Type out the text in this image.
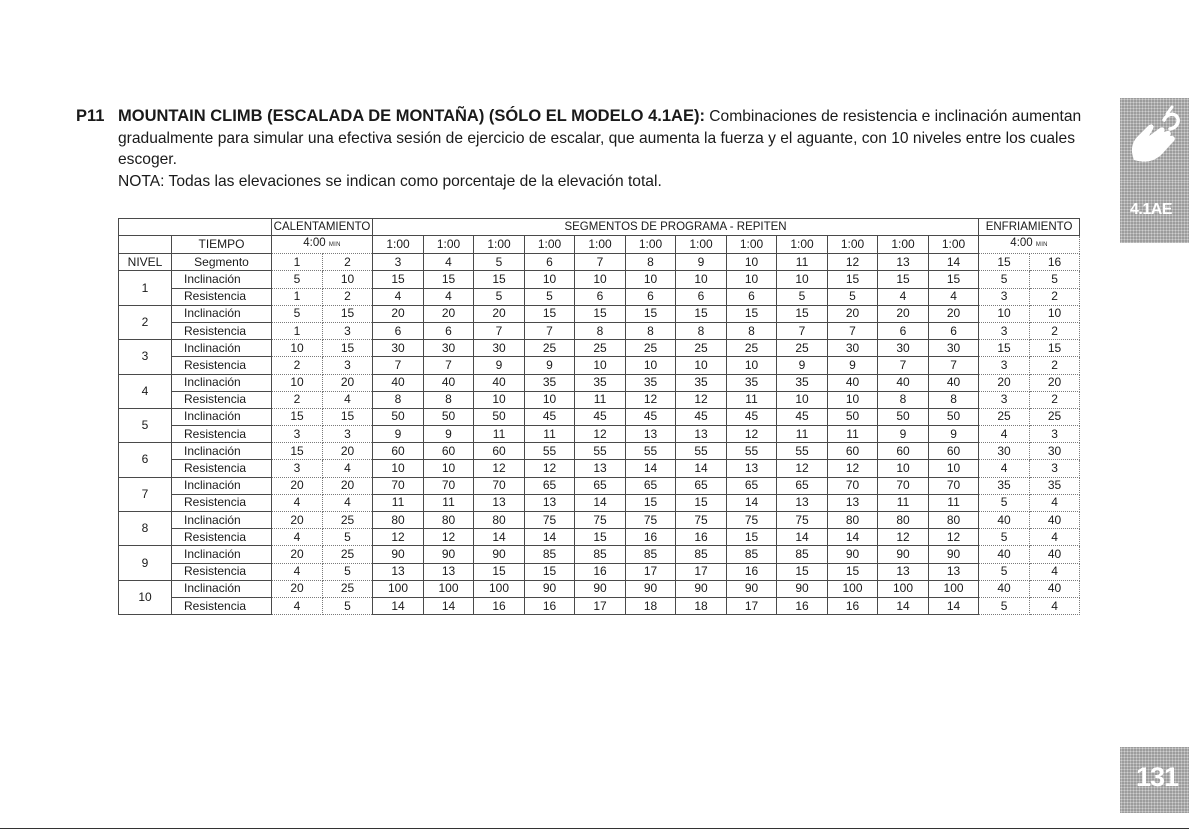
P11 MOUNTAIN CLIMB (ESCALADA DE MONTAÑA) (SÓLO EL MODELO 4.1AE): Combinaciones de resistencia e inclinación aumentan gradualmente para simular una efectiva sesión de ejercicio de escalar, que aumenta la fuerza y el aguante, con 10 niveles entre los cuales escoger.
NOTA: Todas las elevaciones se indican como porcentaje de la elevación total.
		CALENTAMIENTO		SEGMENTOS DE PROGRAMA - REPITEN												ENFRIAMIENTO	
	TIEMPO	4:00 MIN		1:00	1:00	1:00	1:00	1:00	1:00	1:00	1:00	1:00	1:00	1:00	1:00	4:00 MIN	
NIVEL	Segmento	1	2	3	4	5	6	7	8	9	10	11	12	13	14	15	16
1	Inclinación	5	10	15	15	15	10	10	10	10	10	10	15	15	15	5	5
	Resistencia	1	2	4	4	5	5	6	6	6	6	5	5	4	4	3	2
2	Inclinación	5	15	20	20	20	15	15	15	15	15	15	20	20	20	10	10
	Resistencia	1	3	6	6	7	7	8	8	8	8	7	7	6	6	3	2
3	Inclinación	10	15	30	30	30	25	25	25	25	25	25	30	30	30	15	15
	Resistencia	2	3	7	7	9	9	10	10	10	10	9	9	7	7	3	2
4	Inclinación	10	20	40	40	40	35	35	35	35	35	35	40	40	40	20	20
	Resistencia	2	4	8	8	10	10	11	12	12	11	10	10	8	8	3	2
5	Inclinación	15	15	50	50	50	45	45	45	45	45	45	50	50	50	25	25
	Resistencia	3	3	9	9	11	11	12	13	13	12	11	11	9	9	4	3
6	Inclinación	15	20	60	60	60	55	55	55	55	55	55	60	60	60	30	30
	Resistencia	3	4	10	10	12	12	13	14	14	13	12	12	10	10	4	3
7	Inclinación	20	20	70	70	70	65	65	65	65	65	65	70	70	70	35	35
	Resistencia	4	4	11	11	13	13	14	15	15	14	13	13	11	11	5	4
8	Inclinación	20	25	80	80	80	75	75	75	75	75	75	80	80	80	40	40
	Resistencia	4	5	12	12	14	14	15	16	16	15	14	14	12	12	5	4
9	Inclinación	20	25	90	90	90	85	85	85	85	85	85	90	90	90	40	40
	Resistencia	4	5	13	13	15	15	16	17	17	16	15	15	13	13	5	4
10	Inclinación	20	25	100	100	100	90	90	90	90	90	90	100	100	100	40	40
	Resistencia	4	5	14	14	16	16	17	18	18	17	16	16	14	14	5	4
4.1AE
131
